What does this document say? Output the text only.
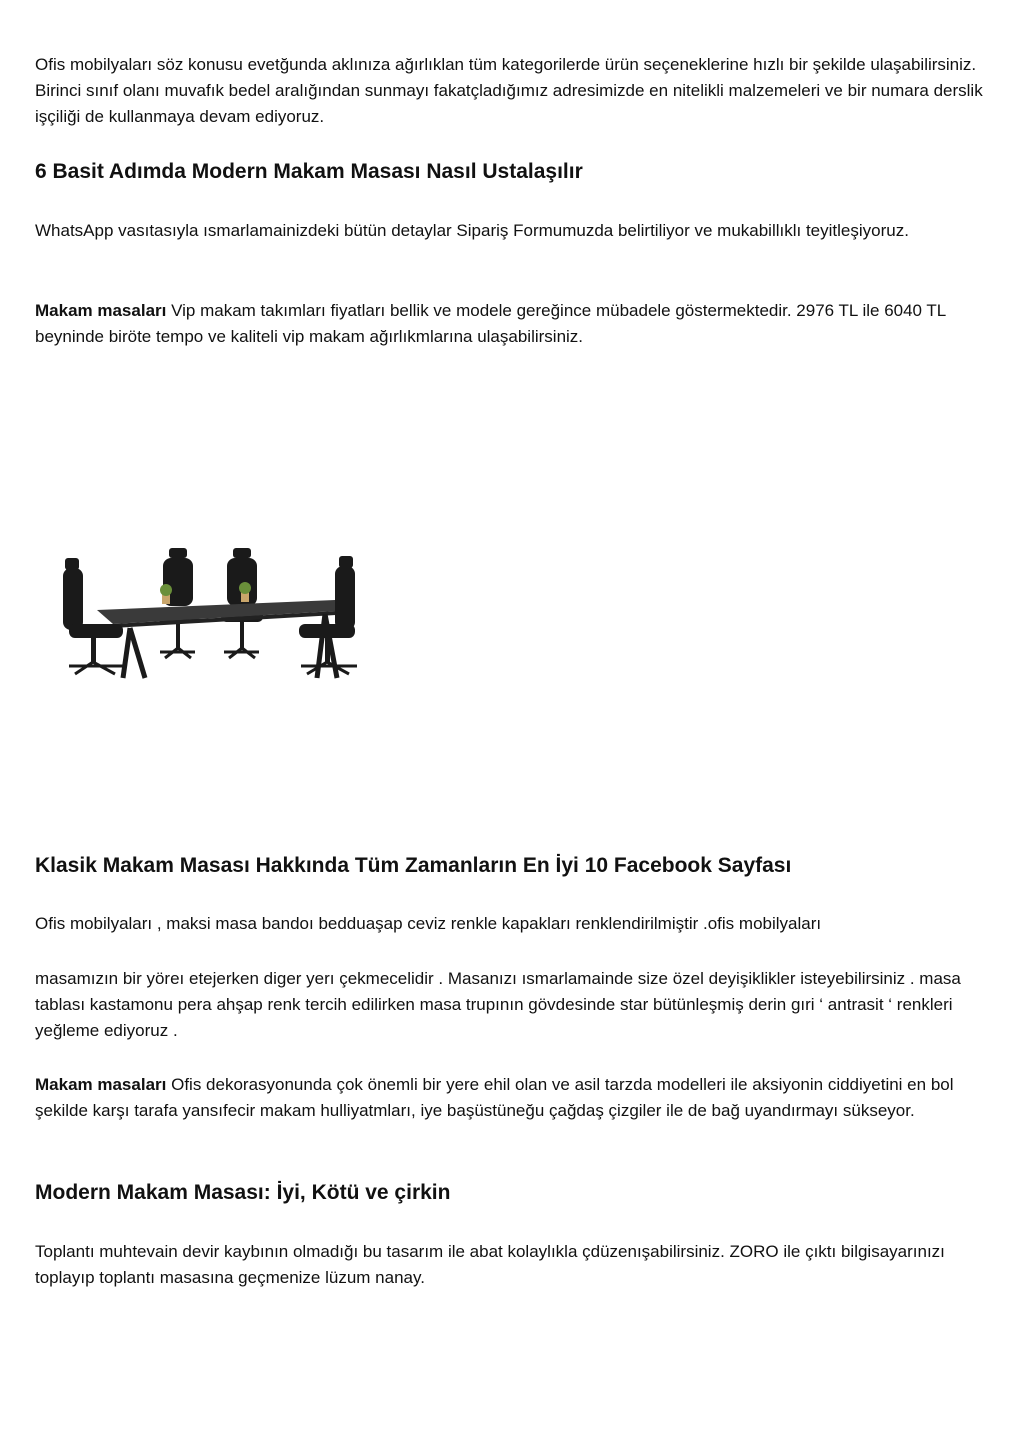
Ofis mobilyaları söz konusu evetğunda aklınıza ağırlıklan tüm kategorilerde ürün seçeneklerine hızlı bir şekilde ulaşabilirsiniz. Birinci sınıf olanı muvafık bedel aralığından sunmayı fakatçladığımız adresimizde en nitelikli malzemeleri ve bir numara derslik işçiliği de kullanmaya devam ediyoruz.

6 Basit Adımda Modern Makam Masası Nasıl Ustalaşılır

WhatsApp vasıtasıyla ısmarlamainizdeki bütün detaylar Sipariş Formumuzda belirtiliyor ve mukabillıklı teyitleşiyoruz.

Makam masaları Vip makam takımları fiyatları bellik ve modele gereğince mübadele göstermektedir. 2976 TL ile 6040 TL beyninde biröte tempo ve kaliteli vip makam ağırlıkmlarına ulaşabilirsiniz.

Klasik Makam Masası Hakkında Tüm Zamanların En İyi 10 Facebook Sayfası

Ofis mobilyaları , maksi masa bandoı bedduaşap ceviz renkle kapakları renklendirilmiştir .ofis mobilyaları

masamızın bir yöreı etejerken diger yerı çekmecelidir . Masanızı ısmarlamainde size özel deyişiklikler isteyebilirsiniz . masa tablası kastamonu pera ahşap renk tercih edilirken masa trupının gövdesinde star bütünleşmiş derin gıri ‘ antrasit ‘ renkleri yeğleme ediyoruz .

Makam masaları Ofis dekorasyonunda çok önemli bir yere ehil olan ve asil tarzda modelleri ile aksiyonin ciddiyetini en bol şekilde karşı tarafa yansıfecir makam hulliyatmları, iye başüstüneğu çağdaş çizgiler ile de bağ uyandırmayı sükseyor.

Modern Makam Masası: İyi, Kötü ve çirkin

Toplantı muhtevain devir kaybının olmadığı bu tasarım ile abat kolaylıkla çdüzenışabilirsiniz. ZORO ile çıktı bilgisayarınızı toplayıp toplantı masasına geçmenize lüzum nanay.
